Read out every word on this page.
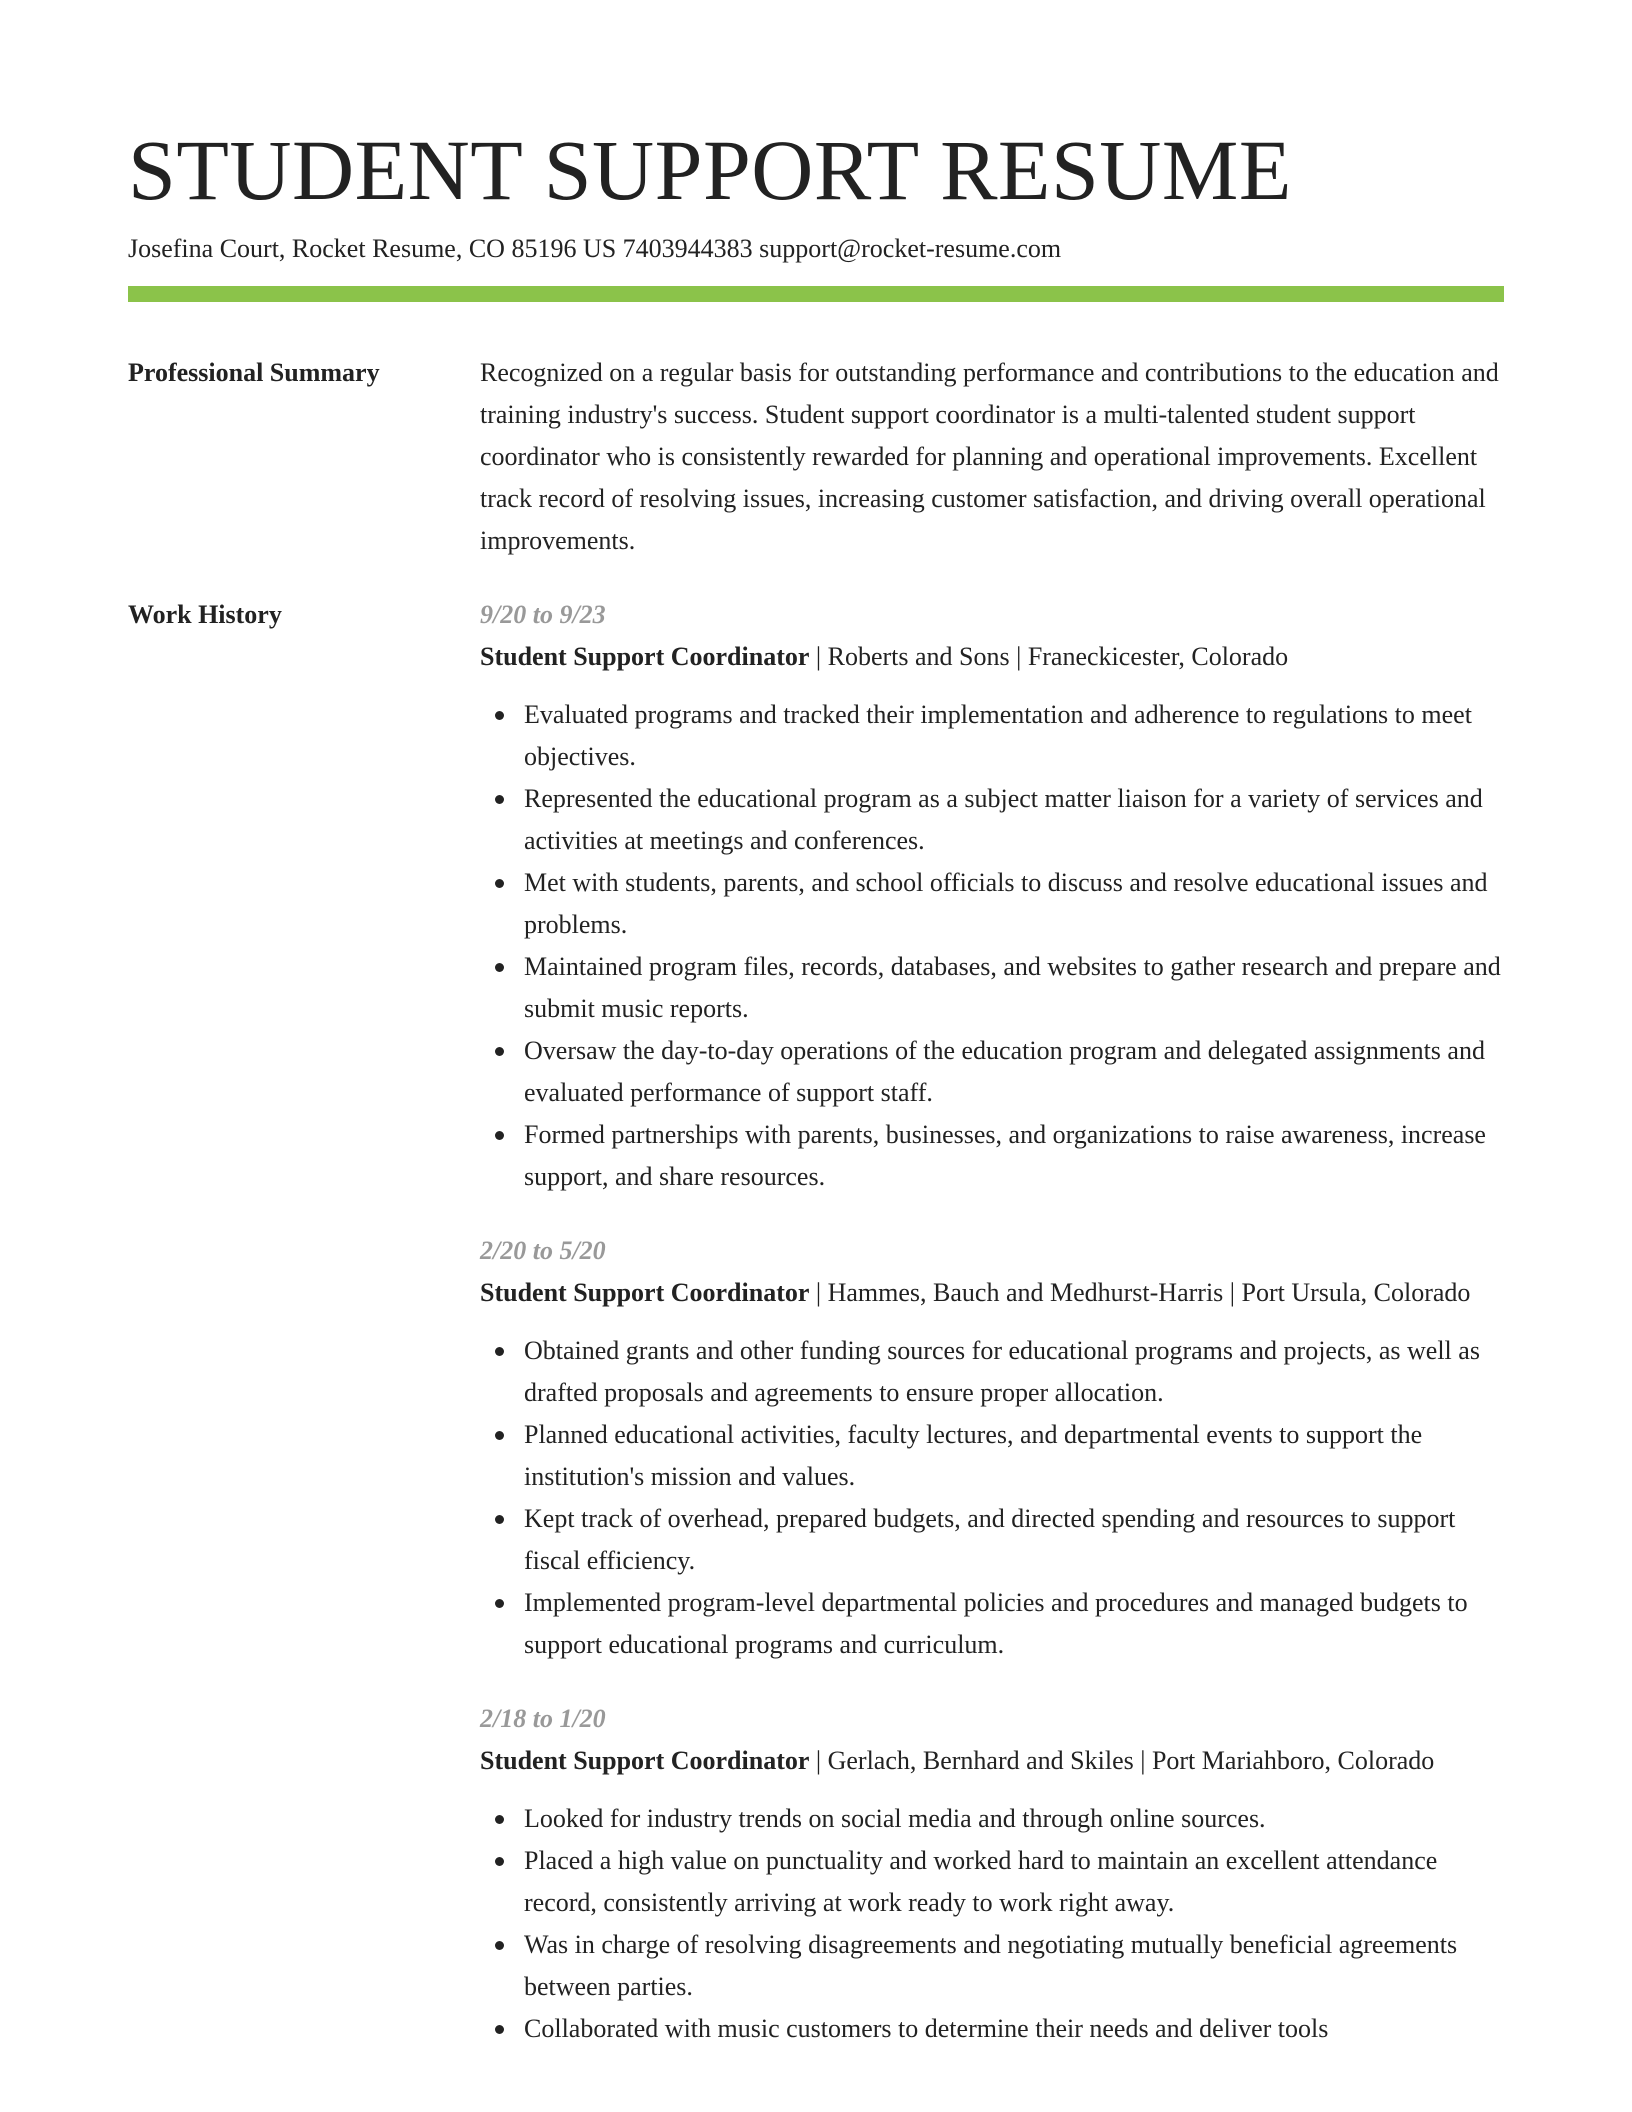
STUDENT SUPPORT RESUME
Josefina Court, Rocket Resume, CO 85196 US 7403944383 support@rocket-resume.com
Professional Summary	Recognized on a regular basis for outstanding performance and contributions to the education and training industry's success. Student support coordinator is a multi-talented student support coordinator who is consistently rewarded for planning and operational improvements. Excellent track record of resolving issues, increasing customer satisfaction, and driving overall operational improvements.

Work History	9/20 to 9/23
Student Support Coordinator | Roberts and Sons | Franeckicester, Colorado
Evaluated programs and tracked their implementation and adherence to regulations to meet objectives.
Represented the educational program as a subject matter liaison for a variety of services and activities at meetings and conferences.
Met with students, parents, and school officials to discuss and resolve educational issues and problems.
Maintained program files, records, databases, and websites to gather research and prepare and submit music reports.
Oversaw the day-to-day operations of the education program and delegated assignments and evaluated performance of support staff.
Formed partnerships with parents, businesses, and organizations to raise awareness, increase support, and share resources.
2/20 to 5/20
Student Support Coordinator | Hammes, Bauch and Medhurst-Harris | Port Ursula, Colorado
Obtained grants and other funding sources for educational programs and projects, as well as drafted proposals and agreements to ensure proper allocation.
Planned educational activities, faculty lectures, and departmental events to support the institution's mission and values.
Kept track of overhead, prepared budgets, and directed spending and resources to support fiscal efficiency.
Implemented program-level departmental policies and procedures and managed budgets to support educational programs and curriculum.
2/18 to 1/20
Student Support Coordinator | Gerlach, Bernhard and Skiles | Port Mariahboro, Colorado
Looked for industry trends on social media and through online sources.
Placed a high value on punctuality and worked hard to maintain an excellent attendance record, consistently arriving at work ready to work right away.
Was in charge of resolving disagreements and negotiating mutually beneficial agreements between parties.
Collaborated with music customers to determine their needs and deliver tools
